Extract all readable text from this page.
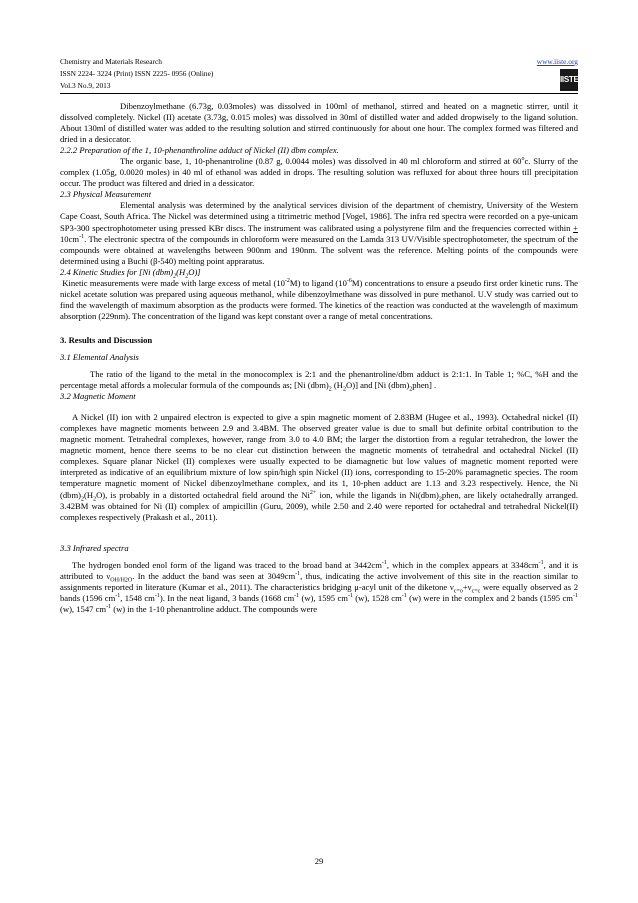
Chemistry and Materials Research
ISSN 2224- 3224 (Print) ISSN 2225- 0956 (Online)
Vol.3 No.9, 2013
www.iiste.org
IISTE

Dibenzoylmethane (6.73g, 0.03moles) was dissolved in 100ml of methanol, stirred and heated on a magnetic stirrer, until it dissolved completely. Nickel (II) acetate (3.73g, 0.015 moles) was dissolved in 30ml of distilled water and added dropwisely to the ligand solution. About 130ml of distilled water was added to the resulting solution and stirred continuously for about one hour. The complex formed was filtered and dried in a desiccator.

2.2.2 Preparation of the 1, 10-phenanthroline adduct of Nickel (II) dbm complex.

The organic base, 1, 10-phenantroline (0.87 g, 0.0044 moles) was dissolved in 40 ml chloroform and stirred at 60$^o$c. Slurry of the complex (1.05g, 0.0020 moles) in 40 ml of ethanol was added in drops. The resulting solution was refluxed for about three hours till precipitation occur. The product was filtered and dried in a dessicator.

2.3 Physical Measurement

Elemental analysis was determined by the analytical services division of the department of chemistry, University of the Western Cape Coast, South Africa. The Nickel was determined using a titrimetric method [Vogel, 1986]. The infra red spectra were recorded on a pye-unicam SP3-300 spectrophotometer using pressed KBr discs. The instrument was calibrated using a polystyrene film and the frequencies corrected within + $10cm^{-1}$. The electronic spectra of the compounds in chloroform were measured on the Lamda 313 UV/Visible spectrophotometer, the spectrum of the compounds were obtained at wavelengths between 900nm and 190nm. The solvent was the reference. Melting points of the compounds were determined using a Buchi (β-540) melting point appraratus.

2.4 Kinetic Studies for [Ni $(dbm)_2(H_2O)$]

Kinetic measurements were made with large excess of metal $(10^{-2}M)$ to ligand $(10^{-6}M)$ concentrations to ensure a pseudo first order kinetic runs. The nickel acetate solution was prepared using aqueous methanol, while dibenzoylmethane was dissolved in pure methanol. U.V study was carried out to find the wavelength of maximum absorption as the products were formed. The kinetics of the reaction was conducted at the wavelength of maximum absorption (229nm). The concentration of the ligand was kept constant over a range of metal concentrations.

3. Results and Discussion

3.1 Elemental Analysis

The ratio of the ligand to the metal in the monocomplex is 2:1 and the phenantroline/dbm adduct is 2:1:1. In Table 1; %C, %H and the percentage metal affords a molecular formula of the compounds as; [Ni $(dbm)_2$ $(H_2O)$] and [Ni $(dbm)_2phen$] .

3.2 Magnetic Moment

A Nickel (II) ion with 2 unpaired electron is expected to give a spin magnetic moment of 2.83BM (Hugee et al., 1993). Octahedral nickel (II) complexes have magnetic moments between 2.9 and 3.4BM. The observed greater value is due to small but definite orbital contribution to the magnetic moment. Tetrahedral complexes, however, range from 3.0 to 4.0 BM; the larger the distortion from a regular tetrahedron, the lower the magnetic moment, hence there seems to be no clear cut distinction between the magnetic moments of tetrahedral and octahedral Nickel (II) complexes. Square planar Nickel (II) complexes were usually expected to be diamagnetic but low values of magnetic moment reported were interpreted as indicative of an equilibrium mixture of low spin/high spin Nickel (II) ions, corresponding to 15-20% paramagnetic species. The room temperature magnetic moment of Nickel dibenzoylmethane complex, and its 1, 10-phen adduct are 1.13 and 3.23 respectively. Hence, the Ni $(dbm)_2(H_2O)$, is probably in a distorted octahedral field around the $Ni^{2+}$ ion, while the ligands in $Ni(dbm)_2phen$, are likely octahedrally arranged. 3.42BM was obtained for Ni (II) complex of ampicillin (Guru, 2009), while 2.50 and 2.40 were reported for octahedral and tetrahedral Nickel(II) complexes respectively (Prakash et al., 2011).

3.3 Infrared spectra

The hydrogen bonded enol form of the ligand was traced to the broad band at $3442cm^{-1}$, which in the complex appears at $3348cm^{-1}$, and it is attributed to $\nu_{OH/H2O}$. In the adduct the band was seen at $3049cm^{-1}$, thus, indicating the active involvement of this site in the reaction similar to assignments reported in literature (Kumar et al., 2011). The characteristics bridging μ-acyl unit of the diketone $\nu_{c=o}+\nu_{c=c}$ were equally observed as 2 bands (1596 $cm^{-1}$, 1548 $cm^{-1}$). In the neat ligand, 3 bands (1668 $cm^{-1}$ (w), 1595 $cm^{-1}$ (w), 1528 $cm^{-1}$ (w) were in the complex and 2 bands (1595 $cm^{-1}$ (w), 1547 $cm^{-1}$ (w) in the 1-10 phenantroline adduct. The compounds were

29
